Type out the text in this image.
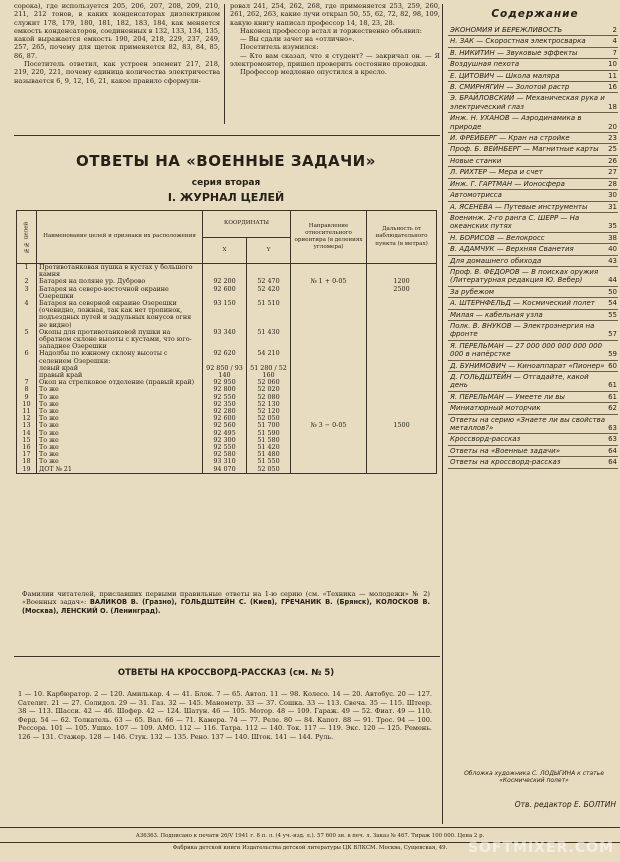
сорока), где используется 205, 206, 207, 208, 209, 210, 211, 212 тонов, в каких конденсаторах диэлектриком служит 178, 179, 180, 181, 182, 183, 184, как меняется емкость конденсаторов, соединенных в 132, 133, 134, 135, какой выражается емкость 190, 204, 218, 229, 237, 249, 257, 265, почему для щеток применяется 82, 83, 84, 85, 86, 87.

Посетитель ответил, как устроен элемент 217, 218, 219, 220, 221, почему единица количества электричества называется 6, 9, 12, 16, 21, какое правило сформули-

ровал 241, 254, 262, 268, где применяется 253, 259, 260, 261, 262, 263, какие лучи открыл 50, 55, 62, 72, 82, 98, 109, какую книгу написал профессор 14, 18, 23, 28.

Наконец профессор встал и торжественно объявил:

— Вы сдали зачет на «отлично».

Посетитель изумился:

— Кто вам сказал, что я студент? — закричал он. — Я электромонтер, пришел проверить состояние проводки.

Профессор медленно опустился в кресло.

ОТВЕТЫ НА «ВОЕННЫЕ ЗАДАЧИ»
серия вторая
I. ЖУРНАЛ ЦЕЛЕЙ
№№ целей	Наименование целей и признаки их расположения	КООРДИНАТЫ		Направление относительного ориентира (в делениях угломера)	Дальность от наблюдательного пункта (в метрах)
		X	Y		
1	Противотанковая пушка в кустах у большого камня				

2	Батарея на поляне ур. Дуброво	92 200	52 470	№ 1 + 0-05	1200
3	Батарея на северо-восточной окраине Озерешки	92 600	52 420		2500
4	Батарея на северной окраине Озерешки (очевидно, ложная, так как нет тропинок, подъездных путей и задульных конусов огня не видно)	93 150	51 510		
5	Окопы для противотанковой пушки на обратном склоне высоты с кустами, что юго-западнее Озерешки	93 340	51 430		
6	Надолбы по южному склону высоты с селением Озерешки:	92 620	54 210		

	левый край
правый край	92 850 / 93 140	51 280 / 52 160		
7	Окоп на стрелковое отделение (правый край)	92 950	52 060		
8	То же	92 800	52 020		
9	То же	92 550	52 080		
10	То же	92 350	52 130		
11	То же	92 280	52 120		
12	То же	92 600	52 050		
13	То же	92 560	51 700	№ 3 − 0-05	1500
14	То же	92 495	51 590		
15	То же	92 300	51 580		
16	То же	92 550	51 420		
17	То же	92 580	51 480		
18	То же	93 310	51 550		
19	ДОТ № 21	94 070	52 050		
Фамилии читателей, приславших первыми правильные ответы на 1-ю серию (см. «Техника — молодежи» № 2) «Военных задач»: ВАЛИКОВ В. (Гразно), ГОЛЬДШТЕЙН С. (Киев), ГРЕЧАНИК В. (Брянск), КОЛОСКОВ В. (Москва), ЛЕНСКИЙ О. (Ленинград).
ОТВЕТЫ НА КРОССВОРД-РАССКАЗ (см. № 5)
1 — 10. Карбюратор. 2 — 120. Амилькар. 4 — 41. Блок. 7 — 65. Автол. 11 — 98. Колесо. 14 — 20. Автобус. 20 — 127. Сателит. 21 — 27. Солидол. 29 — 31. Газ. 32 — 145. Манометр. 33 — 37. Сошка. 33 — 113. Свеча. 35 — 115. Штеер. 38 — 113. Шасси. 42 — 46. Шофер. 42 — 124. Шатун. 46 — 105. Мотор. 48 — 109. Гараж. 49 — 52. Фиат. 49 — 110. Ферд. 54 — 62. Толкатель. 63 — 65. Вал. 66 — 71. Камера. 74 — 77. Реле. 80 — 84. Капот. 88 — 91. Трос. 94 — 100. Рессора. 101 — 105. Ушко. 107 — 109. АМО. 112 — 116. Татра. 112 — 140. Ток. 117 — 119. Экс. 120 — 125. Ремень. 126 — 131. Стажер. 128 — 146. Стук. 132 — 135. Рено. 137 — 140. Шток. 141 — 144. Руль.
Содержание
ЭКОНОМИЯ И БЕРЕЖЛИВОСТЬ	2
Н. ЗАК — Скоростная электросварка	4
В. НИКИТИН — Звуковые эффекты	7
Воздушная пехота	10
Е. ЦИТОВИЧ — Школа маляра	11
В. СМИРНЯГИН — Золотой растр	16
Э. БРАЙЛОВСКИЙ — Механическая рука и электрический глаз	18
Инж. Н. УХАНОВ — Аэродинамика в природе	20
И. ФРЕЙБЕРГ — Кран на стройке	23
Проф. Б. ВЕЙНБЕРГ — Магнитные карты 25
Новые станки	26
Л. РИХТЕР — Мера и счет	27
Инж. Г. ГАРТМАН — Ионосфера	28
Автомотрисса	30
А. ЯСЕНЕВА — Путевые инструменты	31
Военинж. 2-го ранга С. ШЕРР — На океанских путях	35
Н. БОРИСОВ — Велокросс	38
В. АДАМЧУК — Верхняя Сванетия	40
Для домашнего обихода	43
Проф. В. ФЕДОРОВ — В поисках оружия (Литературная редакция Ю. Вебер)	44
За рубежом	50
А. ШТЕРНФЕЛЬД — Космический полет 54
Милая — кабельная узла	55
Полк. В. ВНУКОВ — Электроэнергия на фронте	57
Я. ПЕРЕЛЬМАН — 27 000 000 000 000 000 000 в напёрстке	59
Д. БУНИМОВИЧ — Киноаппарат «Пионер» 60
Д. ГОЛЬДШТЕЙН — Отгадайте, какой день	61
Я. ПЕРЕЛЬМАН — Умеете ли вы	61
Миниатюрный моторчик	62
Ответы на серию «Знаете ли вы свойства металлов?»	63
Кроссворд-рассказ	63
Ответы на «Военные задачи»	64
Ответы на кроссворд-рассказ	64
Обложка художника С. ЛОДЫГИНА к статье «Космический полет»
Отв. редактор Е. БОЛТИН
А36363. Подписано к печати 26/V 1941 г. 8 п. л. (4 уч.-изд. л.). 57 600 зн. в печ. л. Заказ № 467. Тираж 100 000. Цена 2 р.
Фабрика детской книги Издательства детской литературы ЦК ВЛКСМ. Москва, Сущевская, 49.	SOFTMIXER.COM
